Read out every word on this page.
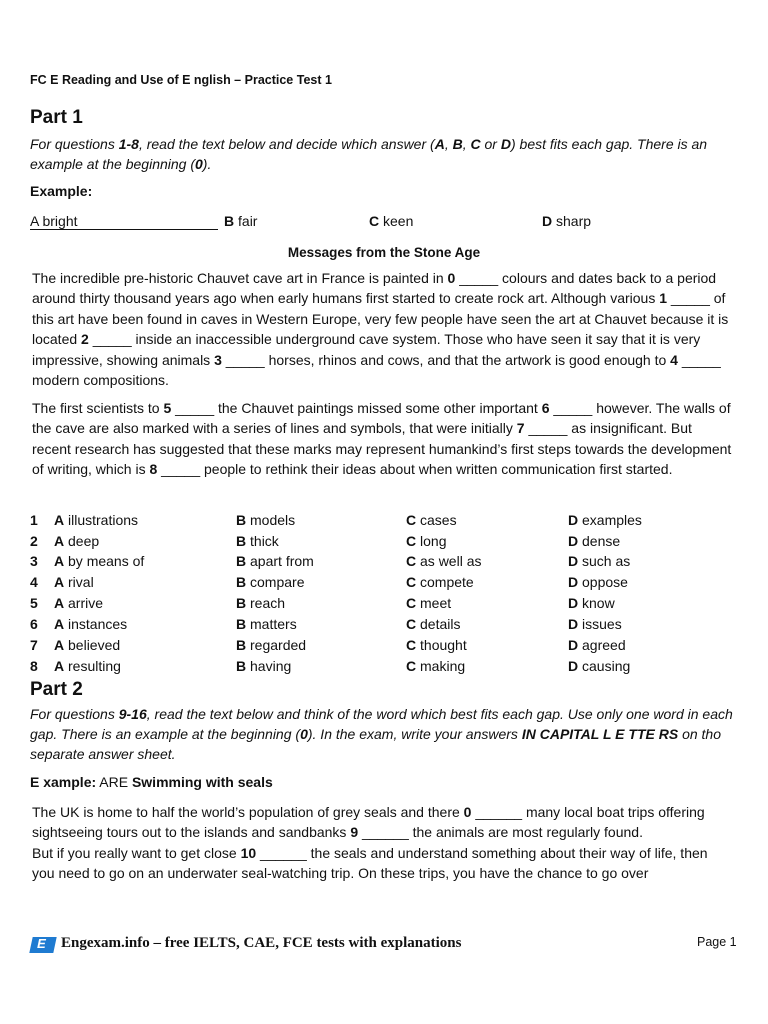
FC E Reading and Use of E nglish – Practice Test 1
Part 1
For questions 1-8, read the text below and decide which answer (A, B, C or D) best fits each gap. There is an example at the beginning (0).
Example:
A bright	B fair	C keen	D sharp
Messages from the Stone Age
The incredible pre-historic Chauvet cave art in France is painted in 0 _____ colours and dates back to a period around thirty thousand years ago when early humans first started to create rock art. Although various 1 _____ of this art have been found in caves in Western Europe, very few people have seen the art at Chauvet because it is located 2 _____ inside an inaccessible underground cave system. Those who have seen it say that it is very impressive, showing animals 3 _____ horses, rhinos and cows, and that the artwork is good enough to 4 _____ modern compositions.
The first scientists to 5 _____ the Chauvet paintings missed some other important 6 _____ however. The walls of the cave are also marked with a series of lines and symbols, that were initially 7 _____ as insignificant. But recent research has suggested that these marks may represent humankind’s first steps towards the development of writing, which is 8 _____ people to rethink their ideas about when written communication first started.
1	A illustrations	B models	C cases	D examples
2	A deep	B thick	C long	D dense
3	A by means of	B apart from	C as well as	D such as
4	A rival	B compare	C compete	D oppose
5	A arrive	B reach	C meet	D know
6	A instances	B matters	C details	D issues
7	A believed	B regarded	C thought	D agreed
8	A resulting	B having	C making	D causing
Part 2
For questions 9-16, read the text below and think of the word which best fits each gap. Use only one word in each gap. There is an example at the beginning (0). In the exam, write your answers IN CAPITAL L E TTE RS on tho separate answer sheet.
E xample: ARE Swimming with seals
The UK is home to half the world’s population of grey seals and there 0 ______ many local boat trips offering sightseeing tours out to the islands and sandbanks 9 ______ the animals are most regularly found.
But if you really want to get close 10 ______ the seals and understand something about their way of life, then you need to go on an underwater seal-watching trip. On these trips, you have the chance to go over
E Engexam.info – free IELTS, CAE, FCE tests with explanations	Page 1
